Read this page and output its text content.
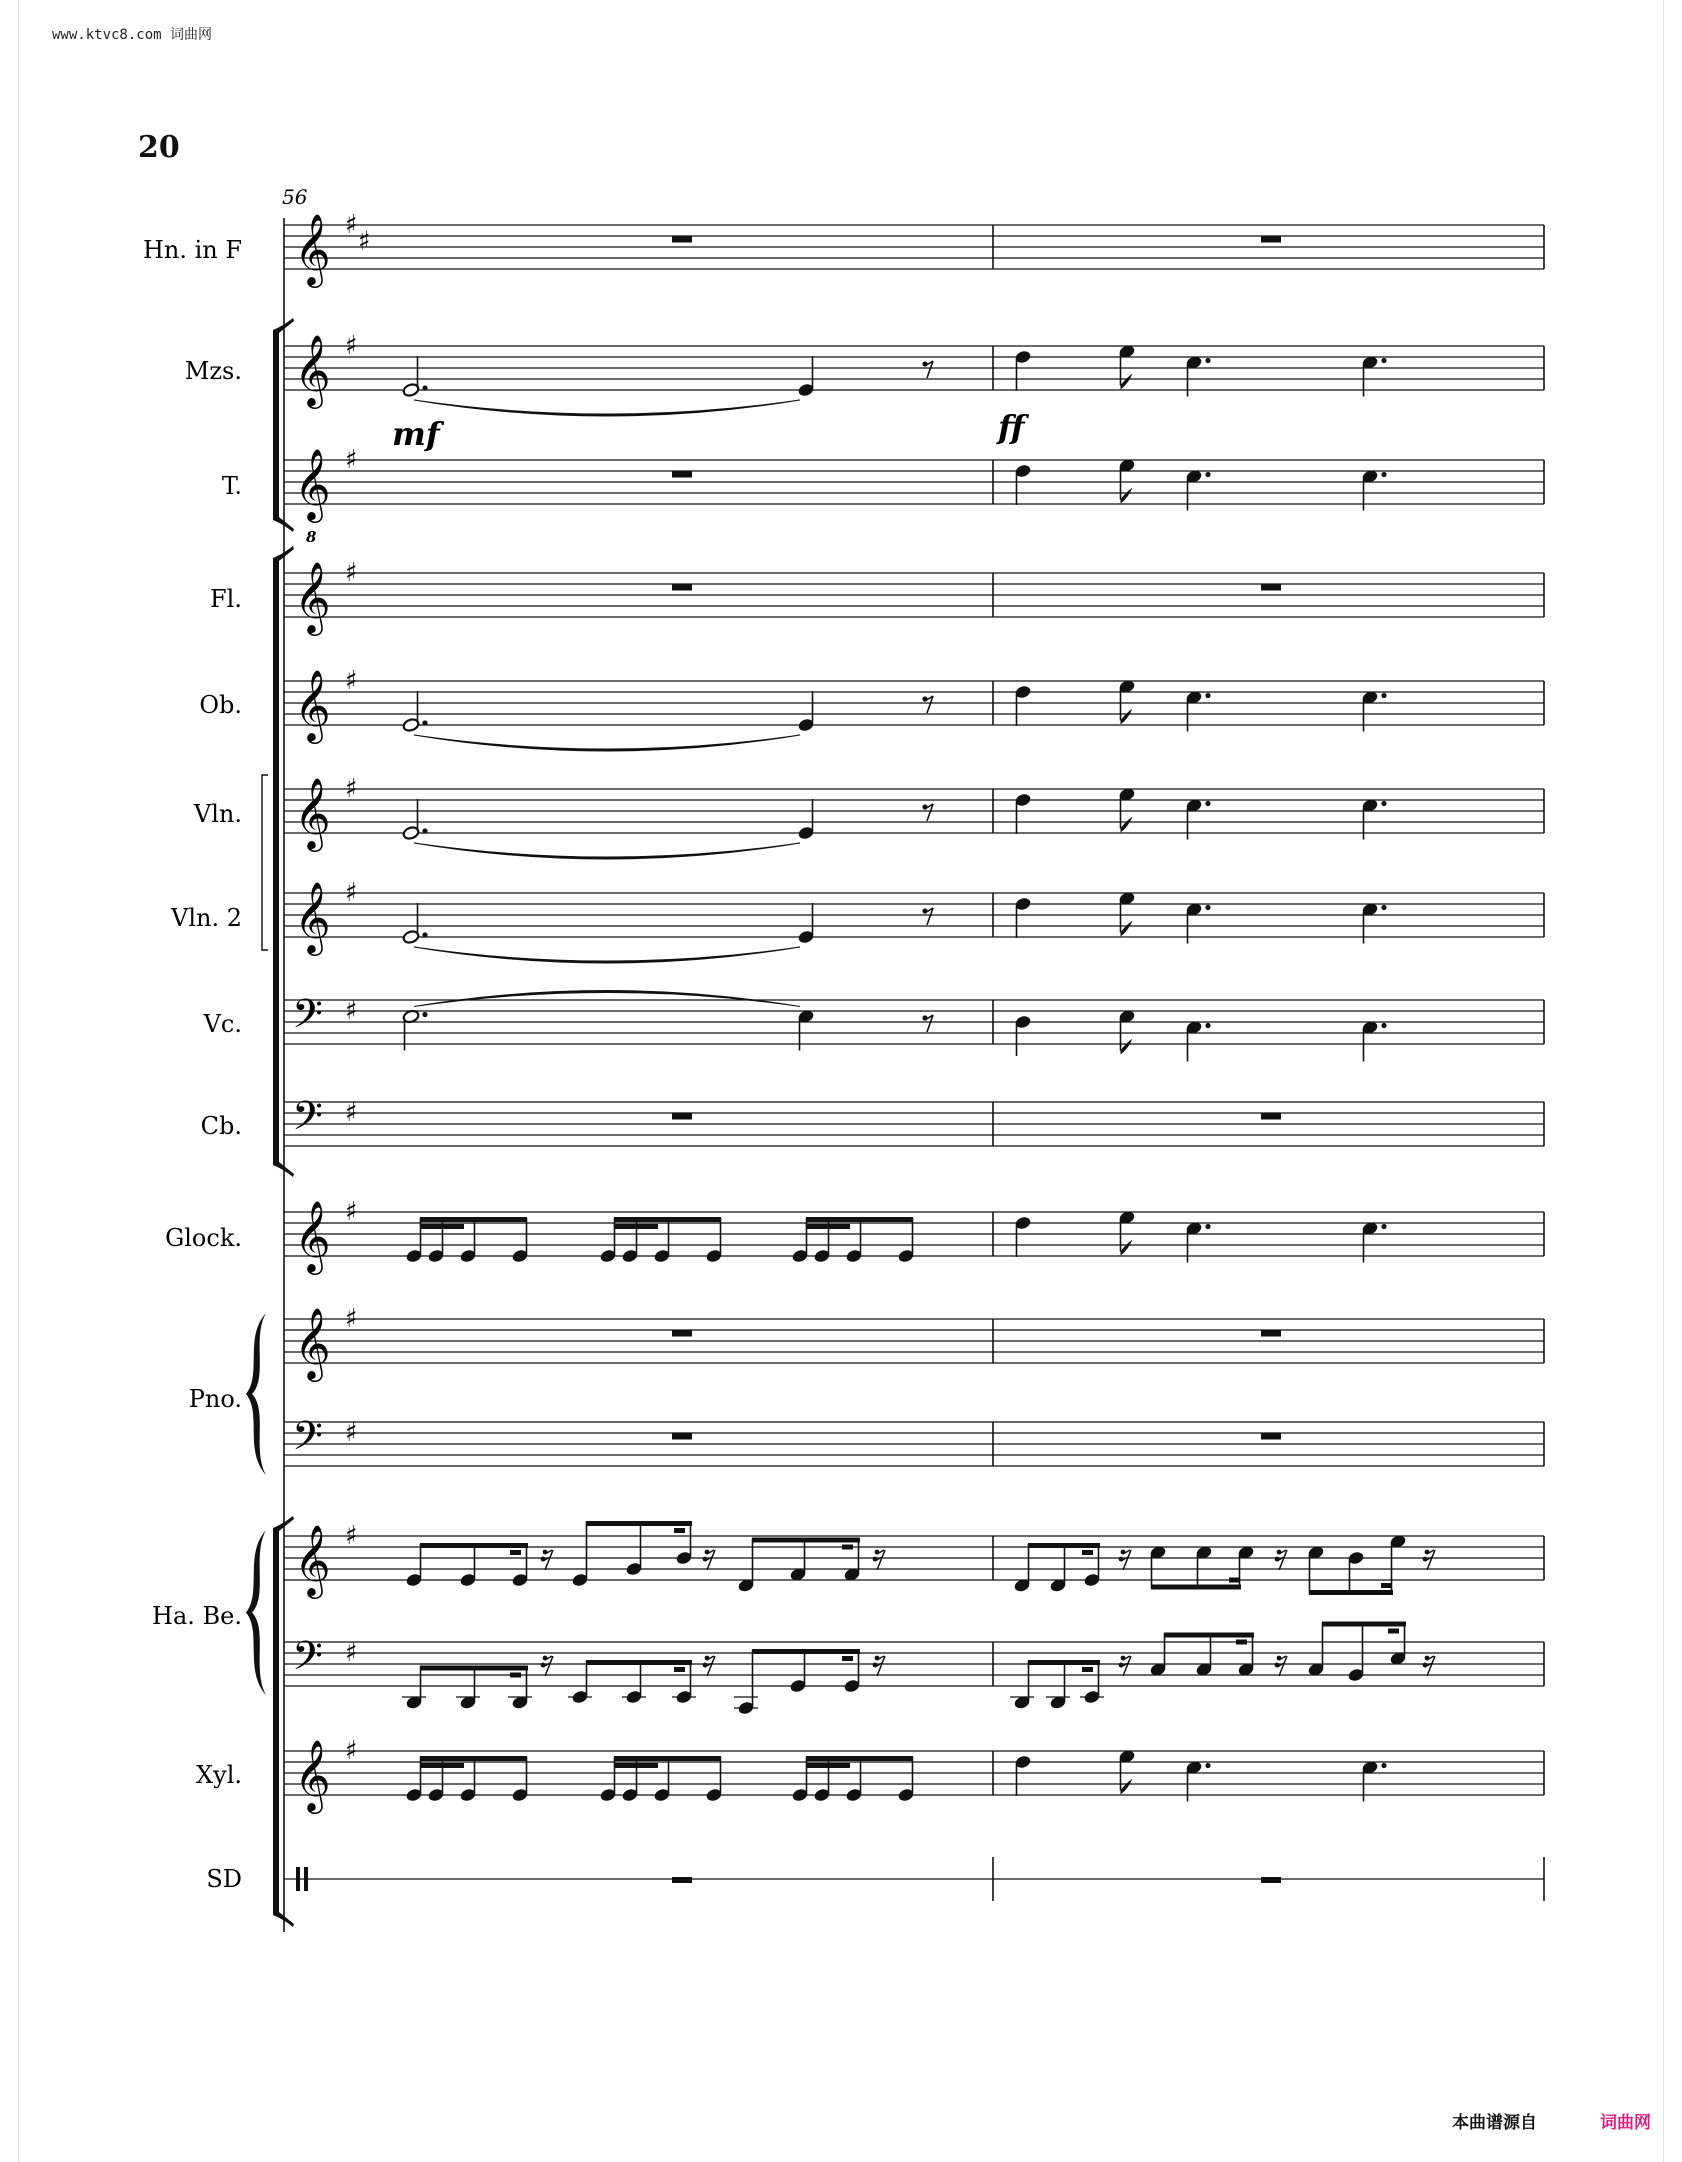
www.ktvc8.com 词曲网
20
𝄞 ♯
♯
𝄞 ♯
𝄞 ♯
𝄞 ♯
𝄞 ♯
𝄞 ♯
𝄞 ♯
𝄢 ♯
𝄢 ♯
𝄞 ♯
𝄞 ♯
𝄢 ♯
𝄞 ♯
𝄢 ♯
𝄞 ♯
Hn. in F
Mzs.
T.
Fl.
Ob.
Vln.
Vln. 2
Vc.
Cb.
Glock.
Pno.
Ha. Be.
Xyl.
SD
56
mf	ff
8
本曲谱源自	词曲网
